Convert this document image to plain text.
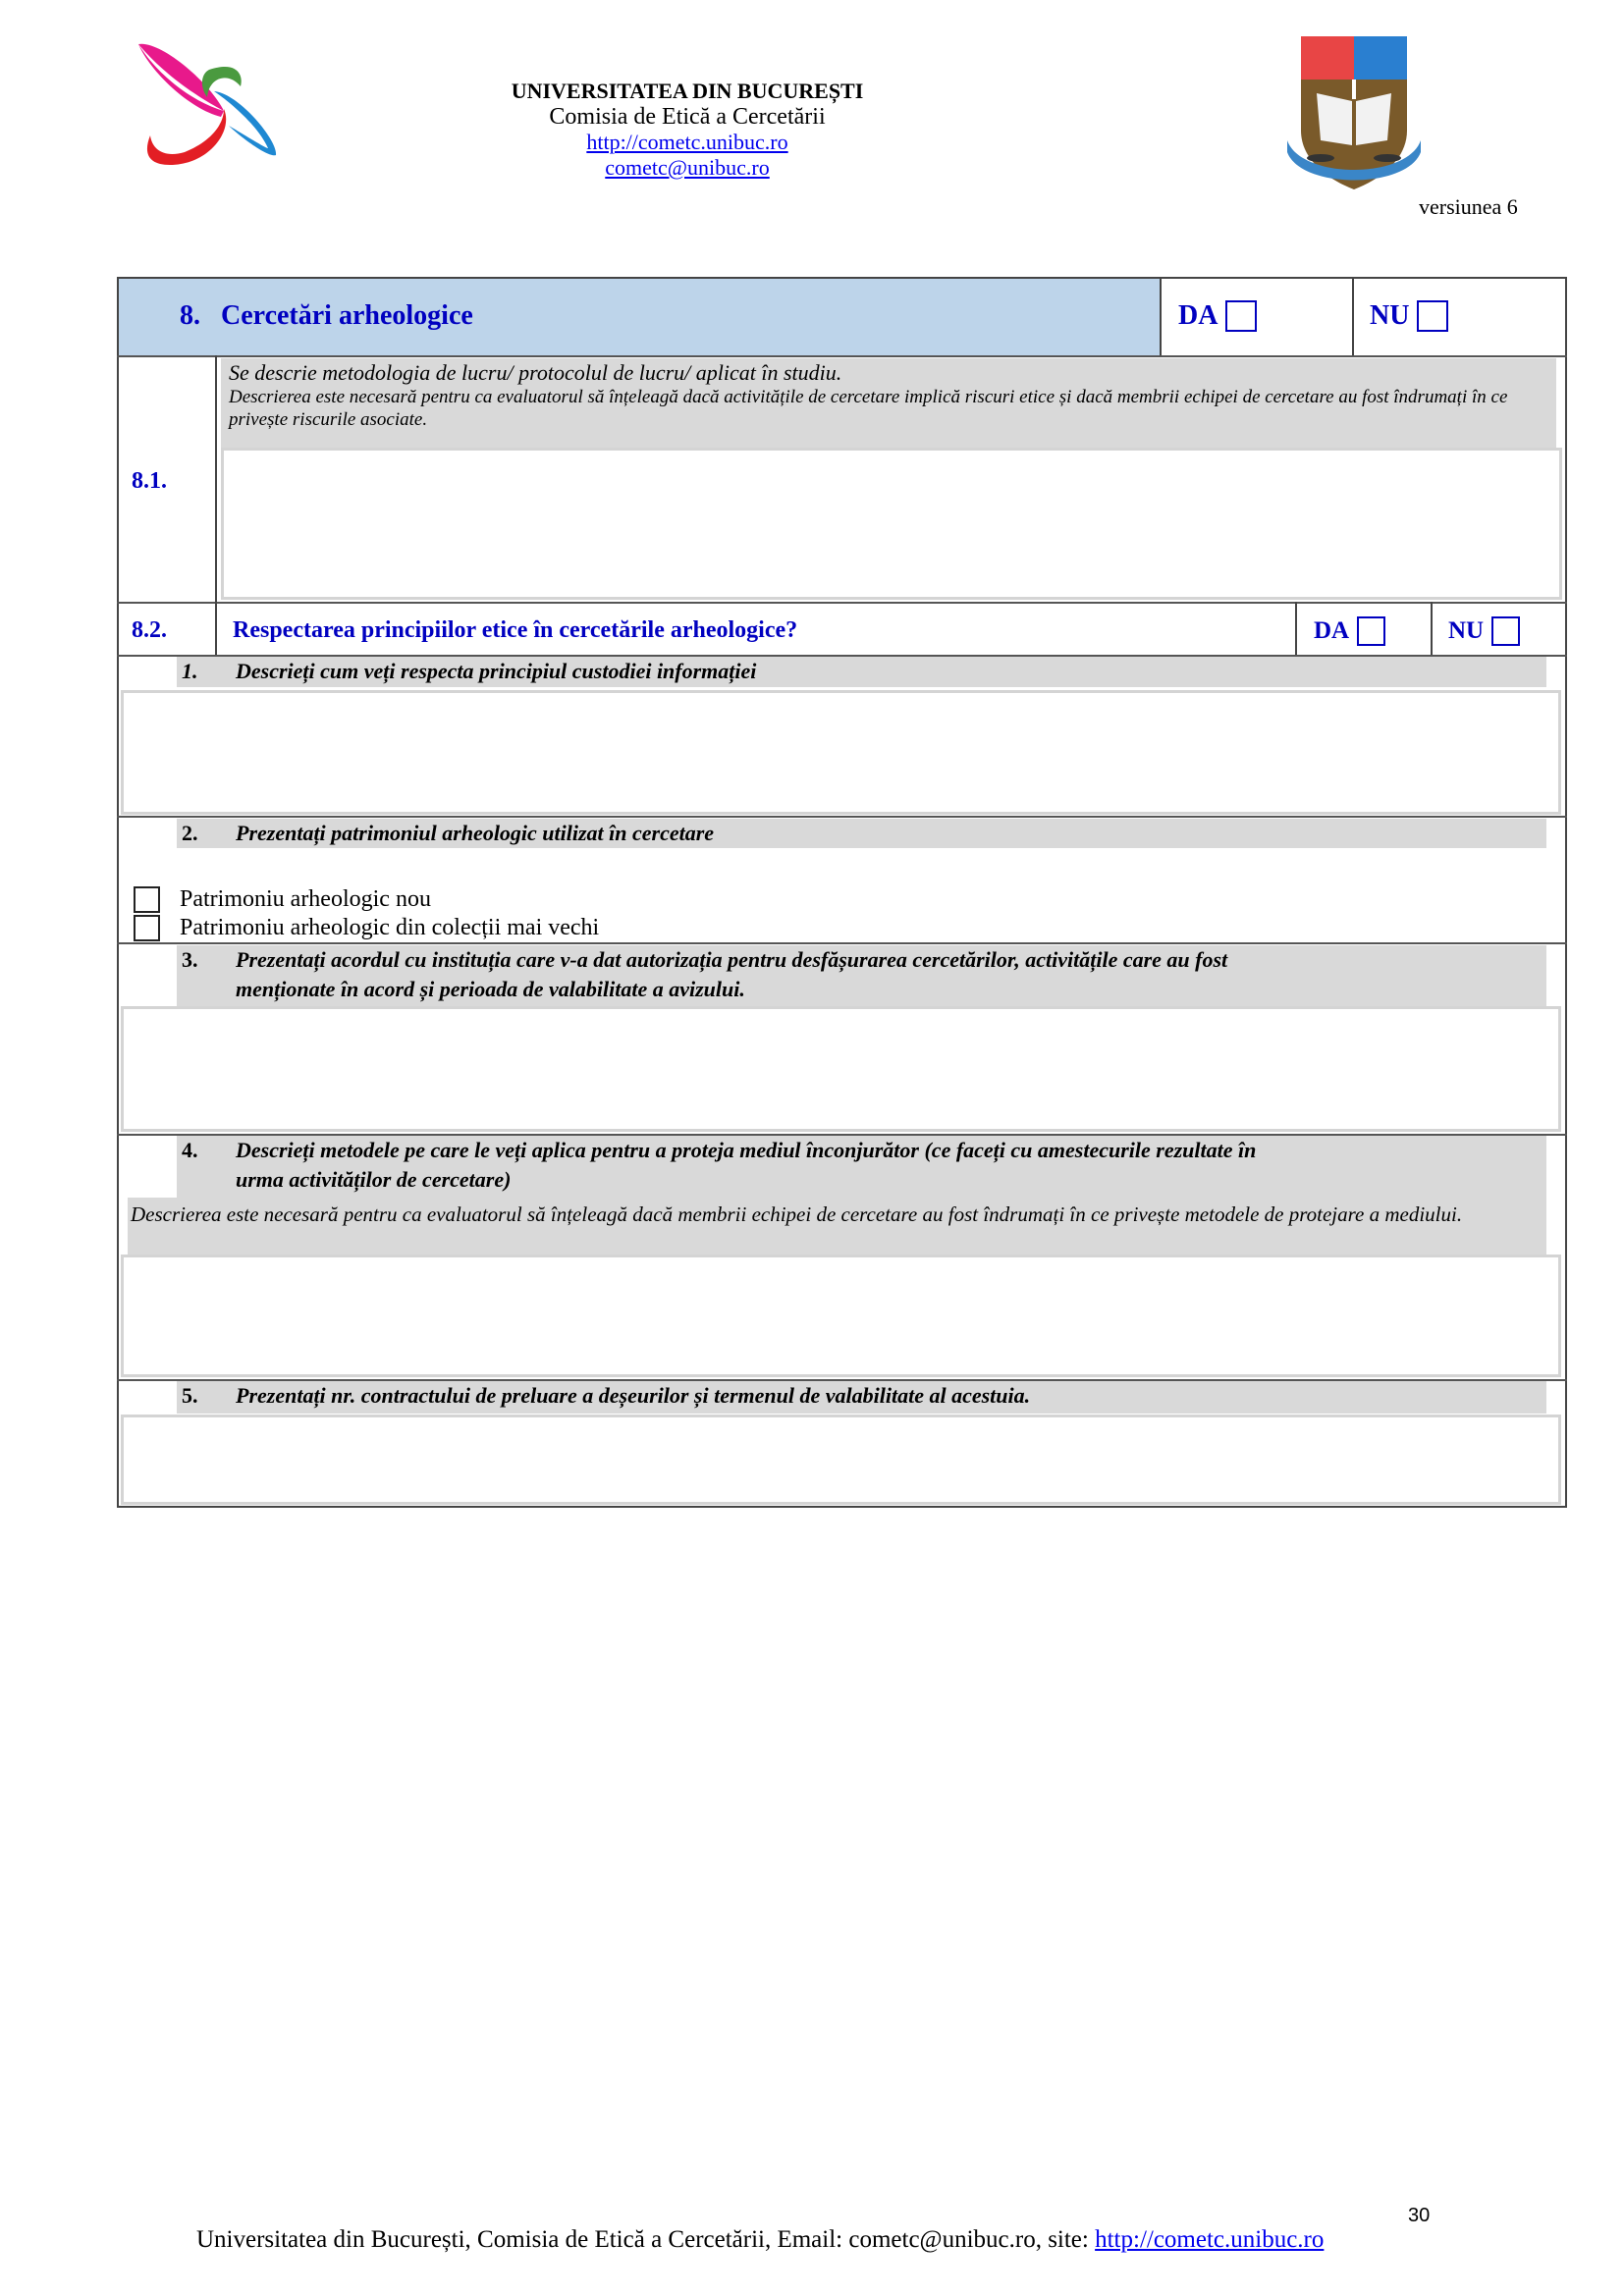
UNIVERSITATEA DIN BUCUREȘTI
Comisia de Etică a Cercetării
http://cometc.unibuc.ro
cometc@unibuc.ro
versiunea 6
8. Cercetări arheologice	DA	NU
8.1.
Se descrie metodologia de lucru/ protocolul de lucru/ aplicat în studiu.
Descrierea este necesară pentru ca evaluatorul să înțeleagă dacă activitățile de cercetare implică riscuri etice și dacă membrii echipei de cercetare au fost îndrumați în ce privește riscurile asociate.
8.2.	Respectarea principiilor etice în cercetările arheologice?	DA	NU
1. Descrieți cum veți respecta principiul custodiei informației
2. Prezentați patrimoniul arheologic utilizat în cercetare
Patrimoniu arheologic nou
Patrimoniu arheologic din colecții mai vechi
3. Prezentați acordul cu instituția care v-a dat autorizația pentru desfășurarea cercetărilor, activitățile care au fost
menționate în acord și perioada de valabilitate a avizului.
4. Descrieți metodele pe care le veți aplica pentru a proteja mediul înconjurător (ce faceți cu amestecurile rezultate în
urma activităților de cercetare)
Descrierea este necesară pentru ca evaluatorul să înțeleagă dacă membrii echipei de cercetare au fost îndrumați în ce privește metodele de protejare a mediului.
5. Prezentați nr. contractului de preluare a deșeurilor și termenul de valabilitate al acestuia.
30
Universitatea din București, Comisia de Etică a Cercetării, Email: cometc@unibuc.ro, site: http://cometc.unibuc.ro
